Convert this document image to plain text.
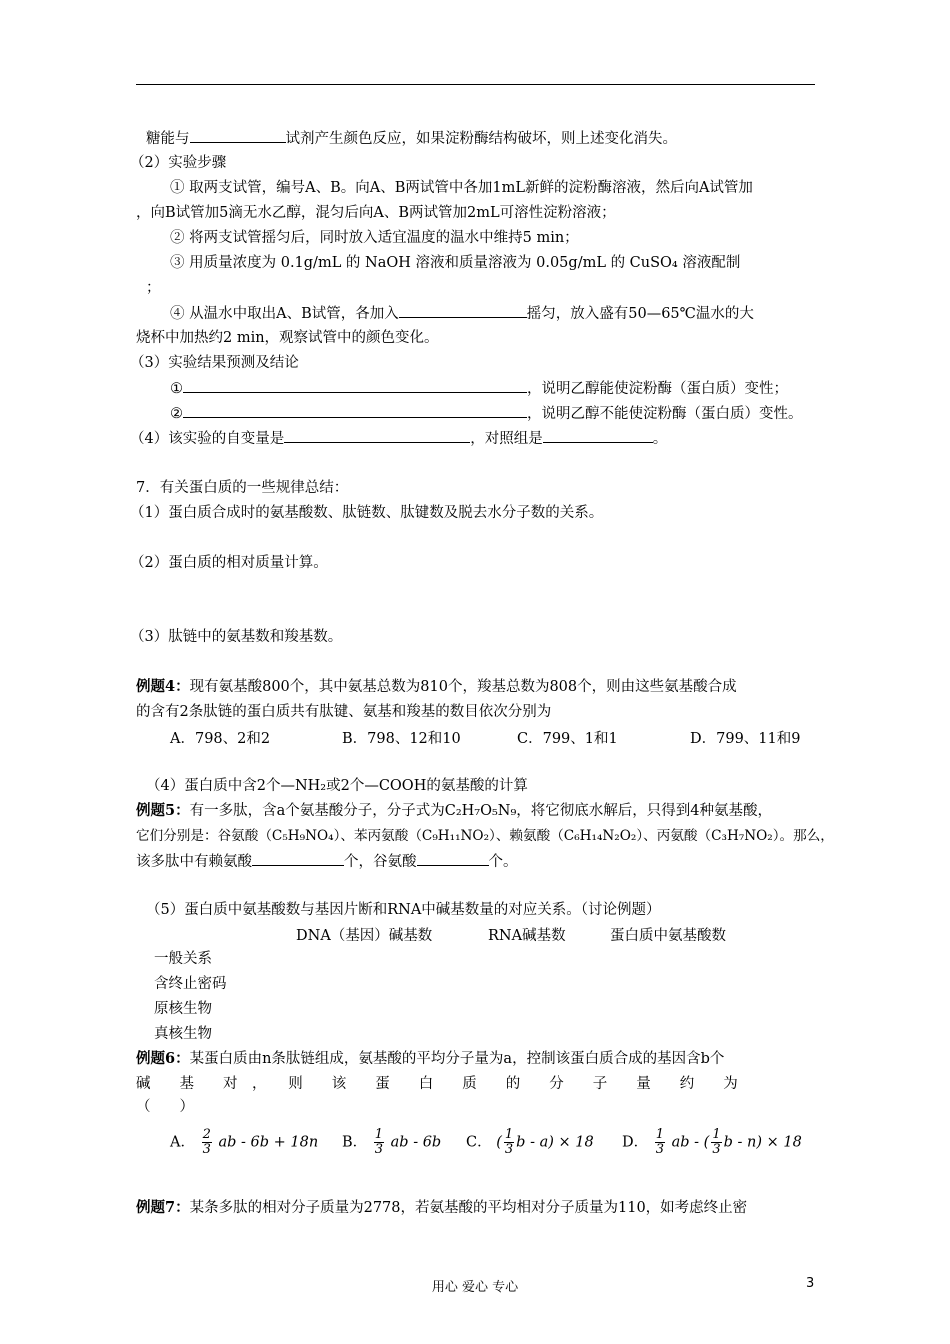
糖能与	试剂产生颜色反应，如果淀粉酶结构破坏，则上述变化消失。
（2）实验步骤
① 取两支试管，编号A、B。向A、B两试管中各加1mL新鲜的淀粉酶溶液，然后向A试管加
，向B试管加5滴无水乙醇，混匀后向A、B两试管加2mL可溶性淀粉溶液；
② 将两支试管摇匀后，同时放入适宜温度的温水中维持5 min；
③ 用质量浓度为 0.1g/mL 的 NaOH 溶液和质量溶液为 0.05g/mL 的 CuSO₄ 溶液配制
；
④ 从温水中取出A、B试管，各加入	摇匀，放入盛有50—65℃温水的大
烧杯中加热约2 min，观察试管中的颜色变化。
（3）实验结果预测及结论
①	，说明乙醇能使淀粉酶（蛋白质）变性；
②	，说明乙醇不能使淀粉酶（蛋白质）变性。
（4）该实验的自变量是	，对照组是	。
7．有关蛋白质的一些规律总结：
（1）蛋白质合成时的氨基酸数、肽链数、肽键数及脱去水分子数的关系。
（2）蛋白质的相对质量计算。
（3）肽链中的氨基数和羧基数。
例题4：现有氨基酸800个，其中氨基总数为810个，羧基总数为808个，则由这些氨基酸合成
的含有2条肽链的蛋白质共有肽键、氨基和羧基的数目依次分别为
A．798、2和2	B．798、12和10	C．799、1和1	D．799、11和9
（4）蛋白质中含2个—NH₂或2个—COOH的氨基酸的计算
例题5：有一多肽，含a个氨基酸分子，分子式为C₂H₇O₅N₉，将它彻底水解后，只得到4种氨基酸，
它们分别是：谷氨酸（C₅H₉NO₄）、苯丙氨酸（C₉H₁₁NO₂）、赖氨酸（C₆H₁₄N₂O₂）、丙氨酸（C₃H₇NO₂）。那么，
该多肽中有赖氨酸	个，谷氨酸	个。
（5）蛋白质中氨基酸数与基因片断和RNA中碱基数量的对应关系。（讨论例题）
DNA（基因）碱基数	RNA碱基数	蛋白质中氨基酸数
一般关系
含终止密码
原核生物
真核生物
例题6：某蛋白质由n条肽链组成，氨基酸的平均分子量为a，控制该蛋白质合成的基因含b个
碱　　基　　对　，　　则　　该　　蛋　　白　　质　　的　　分　　子　　量　　约　　为
（　　）
A． $\frac{2}{3}$ ab - 6b + 18n B． $\frac{1}{3}$ ab - 6b C． ( $\frac{1}{3}$ b - a) × 18 D． $\frac{1}{3}$ ab - ( $\frac{1}{3}$ b - n) × 18
例题7：某条多肽的相对分子质量为2778，若氨基酸的平均相对分子质量为110，如考虑终止密
用心 爱心 专心	3
